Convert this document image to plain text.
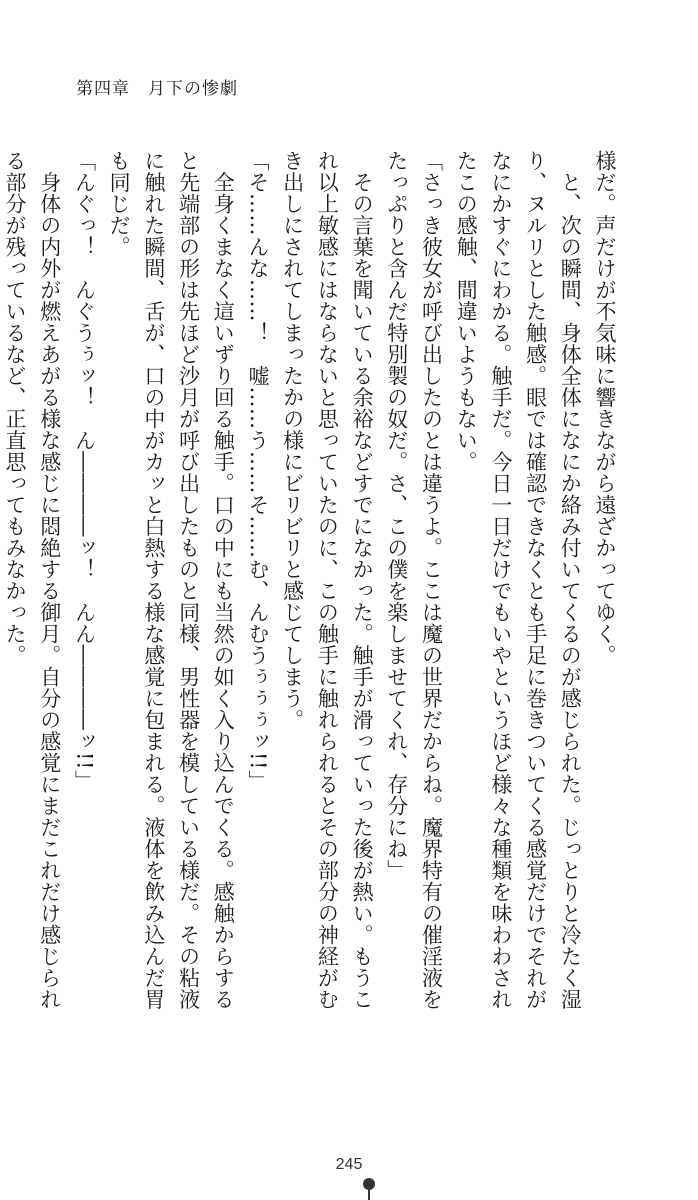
第四章 月下の惨劇

様だ。声だけが不気味に響きながら遠ざかってゆく。

　と、次の瞬間、身体全体になにか絡み付いてくるのが感じられた。じっとりと冷たく湿

り、ヌルリとした触感。眼では確認できなくとも手足に巻きついてくる感覚だけでそれが

なにかすぐにわかる。触手だ。今日一日だけでもいやというほど様々な種類を味わわされ

たこの感触、間違いようもない。

「さっき彼女が呼び出したのとは違うよ。ここは魔の世界だからね。魔界特有の催淫液を

たっぷりと含んだ特別製の奴だ。さ、この僕を楽しませてくれ、存分にね」

　その言葉を聞いている余裕などすでになかった。触手が滑っていった後が熱い。もうこ

れ以上敏感にはならないと思っていたのに、この触手に触れられるとその部分の神経がむ

き出しにされてしまったかの様にビリビリと感じてしまう。

「そ……んな……！　嘘……う……そ……む、んむうぅぅぅッ!!」

　全身くまなく這いずり回る触手。口の中にも当然の如く入り込んでくる。感触からする

と先端部の形は先ほど沙月が呼び出したものと同様、男性器を模している様だ。その粘液

に触れた瞬間、舌が、口の中がカッと白熱する様な感覚に包まれる。液体を飲み込んだ胃

も同じだ。

「んぐっ！　んぐうぅッ！　ん――――ッ！　んん――――ッ!!」

　身体の内外が燃えあがる様な感じに悶絶する御月。自分の感覚にまだこれだけ感じられ

る部分が残っているなど、正直思ってもみなかった。

245
